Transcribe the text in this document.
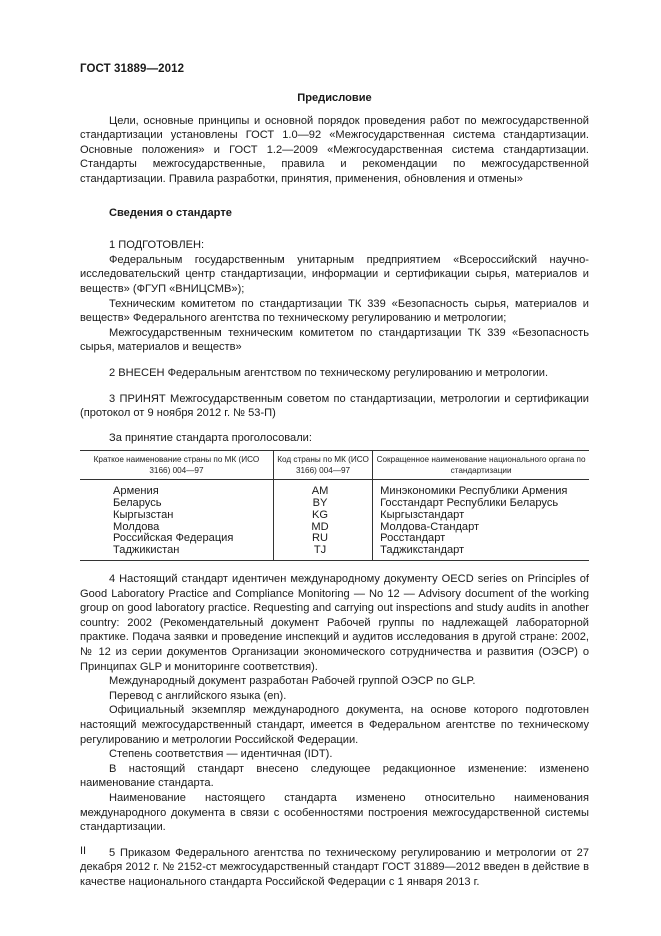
ГОСТ 31889—2012
Предисловие

Цели, основные принципы и основной порядок проведения работ по межгосударственной стандартизации установлены ГОСТ 1.0—92 «Межгосударственная система стандартизации. Основные положения» и ГОСТ 1.2—2009 «Межгосударственная система стандартизации. Стандарты межгосударственные, правила и рекомендации по межгосударственной стандартизации. Правила разработки, принятия, применения, обновления и отмены»

Сведения о стандарте

1 ПОДГОТОВЛЕН:

Федеральным государственным унитарным предприятием «Всероссийский научно-исследовательский центр стандартизации, информации и сертификации сырья, материалов и веществ» (ФГУП «ВНИЦСМВ»);

Техническим комитетом по стандартизации ТК 339 «Безопасность сырья, материалов и веществ» Федерального агентства по техническому регулированию и метрологии;

Межгосударственным техническим комитетом по стандартизации ТК 339 «Безопасность сырья, материалов и веществ»

2 ВНЕСЕН Федеральным агентством по техническому регулированию и метрологии.

3 ПРИНЯТ Межгосударственным советом по стандартизации, метрологии и сертификации (протокол от 9 ноября 2012 г. № 53-П)

За принятие стандарта проголосовали:

Краткое наименование страны по МК (ИСО 3166) 004—97	Код страны по МК (ИСО 3166) 004—97	Сокращенное наименование национального органа по стандартизации
Армения	AM	Минэкономики Республики Армения
Беларусь	BY	Госстандарт Республики Беларусь
Кыргызстан	KG	Кыргызстандарт
Молдова	MD	Молдова-Стандарт
Российская Федерация	RU	Росстандарт
Таджикистан	TJ	Таджикстандарт

4 Настоящий стандарт идентичен международному документу OECD series on Principles of Good Laboratory Practice and Compliance Monitoring — No 12 — Advisory document of the working group on good laboratory practice. Requesting and carrying out inspections and study audits in another country: 2002 (Рекомендательный документ Рабочей группы по надлежащей лабораторной практике. Подача заявки и проведение инспекций и аудитов исследования в другой стране: 2002, № 12 из серии документов Организации экономического сотрудничества и развития (ОЭСР) о Принципах GLP и мониторинге соответствия).

Международный документ разработан Рабочей группой ОЭСР по GLP.

Перевод с английского языка (en).

Официальный экземпляр международного документа, на основе которого подготовлен настоящий межгосударственный стандарт, имеется в Федеральном агентстве по техническому регулированию и метрологии Российской Федерации.

Степень соответствия — идентичная (IDT).

В настоящий стандарт внесено следующее редакционное изменение: изменено наименование стандарта.

Наименование настоящего стандарта изменено относительно наименования международного документа в связи с особенностями построения межгосударственной системы стандартизации.

5 Приказом Федерального агентства по техническому регулированию и метрологии от 27 декабря 2012 г. № 2152-ст межгосударственный стандарт ГОСТ 31889—2012 введен в действие в качестве национального стандарта Российской Федерации с 1 января 2013 г.

II
